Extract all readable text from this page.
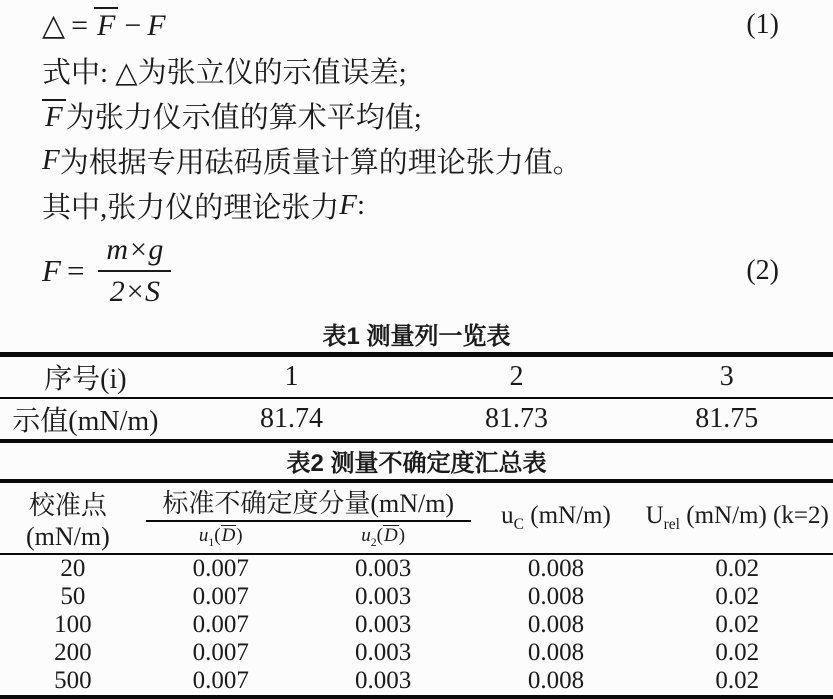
△ = F − F	(1)
式中: △为张立仪的示值误差;
F 为张力仪示值的算术平均值;
F 为根据专用砝码质量计算的理论张力值。
其中,张力仪的理论张力 F :
$F = \frac{m\times g}{2\times S}$	(2)
表1 测量列一览表
序号(i)	1	2	3
示值(mN/m)	81.74	81.73	81.75
表2 测量不确定度汇总表
校准点(mN/m)	标准不确定度分量(mN/m)		$u_C$ (mN/m)	$U_{rel}$ (mN/m) (k=2)
	$u_1(D)$	$u_2(D)$		
20	0.007	0.003	0.008	0.02
50	0.007	0.003	0.008	0.02
100	0.007	0.003	0.008	0.02
200	0.007	0.003	0.008	0.02
500	0.007	0.003	0.008	0.02
